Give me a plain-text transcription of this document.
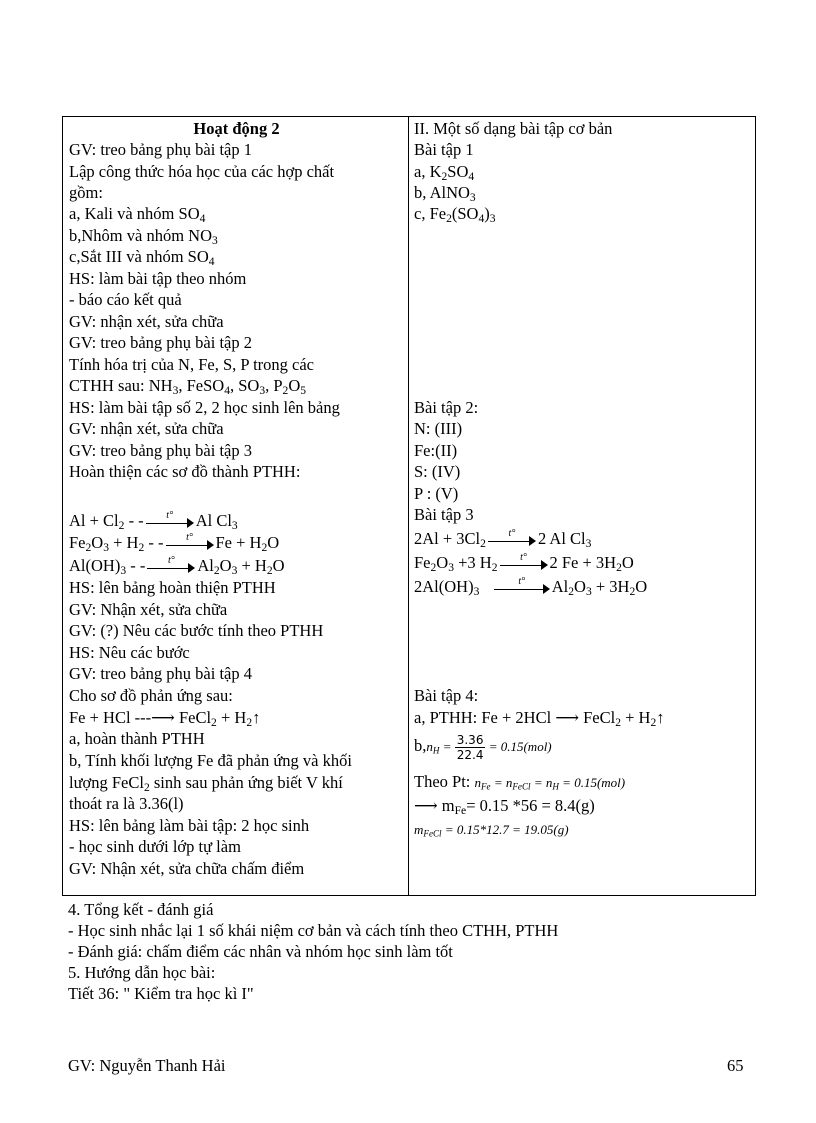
Hoạt động 2
GV: treo bảng phụ bài tập 1
Lập công thức hóa học của các hợp chất
gồm:
a, Kali và nhóm $SO_4$
b,Nhôm và nhóm $NO_3$
c,Sắt III và nhóm $SO_4$
HS: làm bài tập theo nhóm
- báo cáo kết quả
GV: nhận xét, sửa chữa
GV: treo bảng phụ bài tập 2
Tính hóa trị của N, Fe, S, P trong các
CTHH sau: $NH_3$, FeSO$_4$, $SO_3$, $P_2O_5$
HS: làm bài tập số 2, 2 học sinh lên bảng
GV: nhận xét, sửa chữa
GV: treo bảng phụ bài tập 3
Hoàn thiện các sơ đồ thành PTHH:
$Al + Cl_2$ - -	t°	Al $Cl_3$
$Fe_2O_3 + H_2$ - -	t°	$Fe + H_2O$
$Al(OH)_3$ - -	t°	$Al_2O_3 + H_2O$
HS: lên bảng hoàn thiện PTHH
GV: Nhận xét, sửa chữa
GV: (?) Nêu các bước tính theo PTHH
HS: Nêu các bước
GV: treo bảng phụ bài tập 4
Cho sơ đồ phản ứng sau:
Fe + HCl ---⟶ FeCl$_2$ + $H_2↑$
a, hoàn thành PTHH
b, Tính khối lượng Fe đã phản ứng và khối
lượng FeCl$_2$ sinh sau phản ứng biết V khí
thoát ra là 3.36(l)
HS: lên bảng làm bài tập: 2 học sinh
- học sinh dưới lớp tự làm
GV: Nhận xét, sửa chữa chấm điểm
II. Một số dạng bài tập cơ bản
Bài tập 1
a, $K_2SO_4$
b, AlNO$_3$
c, $Fe_2(SO_4)_3$
Bài tập 2:
N: (III)
Fe:(II)
S: (IV)
P : (V)
Bài tập 3
$2Al + 3Cl_2$
t°	2 Al $Cl_3$
$Fe_2O_3 +3$ $H_2$
t°	2 $Fe + 3H_2O$
$2Al(OH)_3$
t°	$Al_2O_3 + 3H_2O$
Bài tập 4:
a, PTHH: Fe + 2HCl ⟶ FeCl$_2$ + $H_2↑$
$b,n_H = \frac{3.36}{22.4} = 0.15(mol)$
Theo Pt: $n_{Fe} = n_{FeCl} = n_H = 0.15(mol)$
⟶ $m_{Fe}= 0.15$ *56 = 8.4(g)
$m_{FeCl} = 0.15*12.7 = 19.05(g)$
4. Tổng kết - đánh giá
- Học sinh nhắc lại 1 số khái niệm cơ bản và cách tính theo CTHH, PTHH
- Đánh giá: chấm điểm các nhân và nhóm học sinh làm tốt
5. Hướng dẫn học bài:
Tiết 36: " Kiểm tra học kì I"
GV: Nguyễn Thanh Hải	65
